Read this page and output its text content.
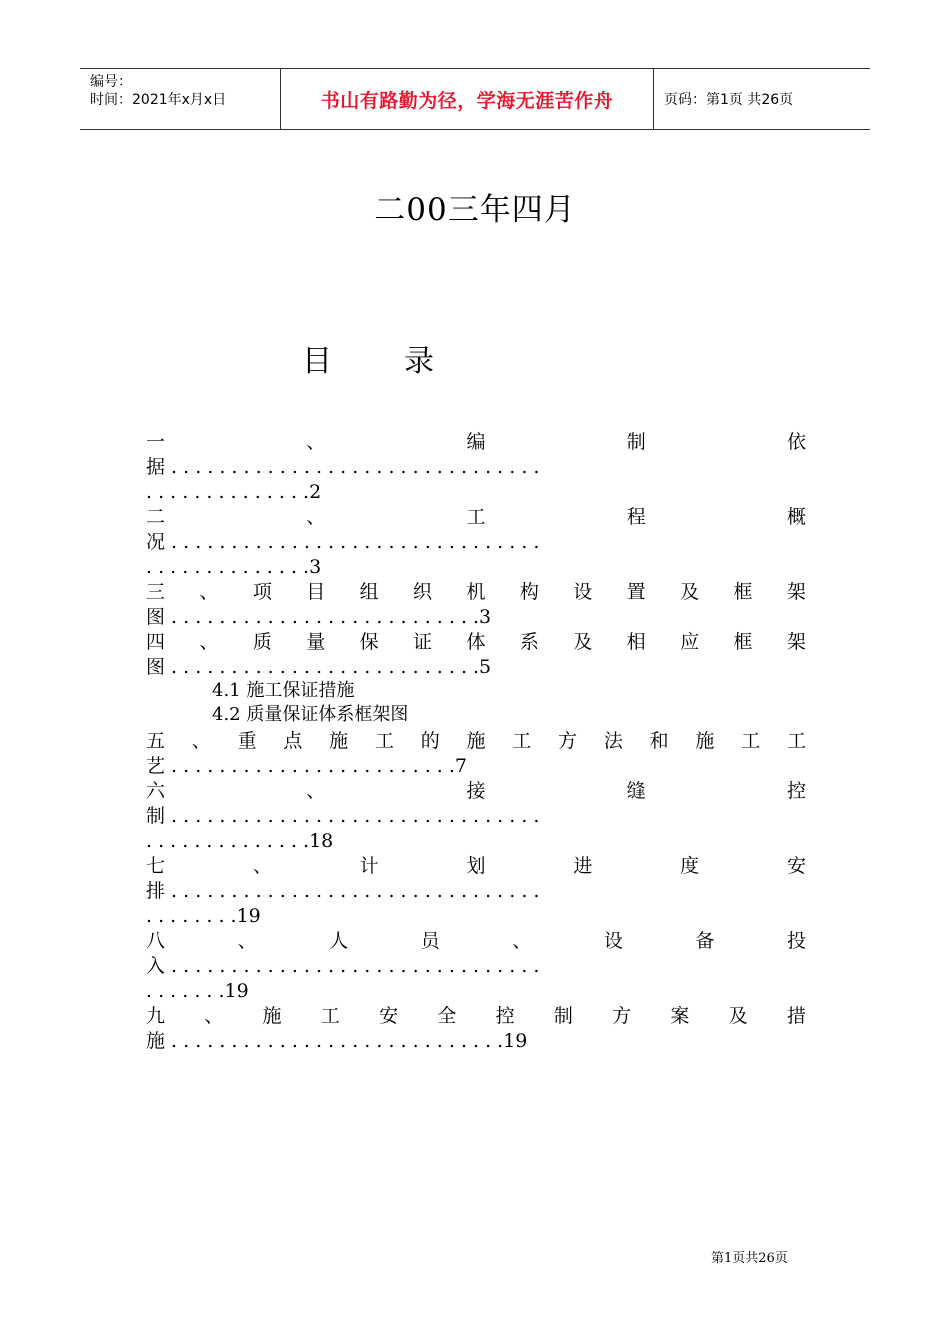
编号：
时间：2021年x月x日	书山有路勤为径，学海无涯苦作舟	页码：第1页 共26页
二00三年四月
目 录
一	、	编	制	依
据 . . . . . . . . . . . . . . . . . . . . . . . . . . . . . . .
. . . . . . . . . . . . . .2
二	、	工	程	概
况 . . . . . . . . . . . . . . . . . . . . . . . . . . . . . . .
. . . . . . . . . . . . . .3
三 、 项 目 组 织 机 构 设 置 及 框 架
图 . . . . . . . . . . . . . . . . . . . . . . . . . .3
四 、 质 量 保 证 体 系 及 相 应 框 架
图 . . . . . . . . . . . . . . . . . . . . . . . . . .5
4.1 施工保证措施
4.2 质量保证体系框架图
五 、 重 点 施 工 的 施 工 方 法 和 施 工 工
艺 . . . . . . . . . . . . . . . . . . . . . . . .7
六	、	接	缝	控
制 . . . . . . . . . . . . . . . . . . . . . . . . . . . . . . .
. . . . . . . . . . . . . .18
七	、	计	划	进	度	安
排 . . . . . . . . . . . . . . . . . . . . . . . . . . . . . . .
. . . . . . . .19
八	、	人	员	、	设	备	投
入 . . . . . . . . . . . . . . . . . . . . . . . . . . . . . . .
. . . . . . .19
九 、 施 工 安 全 控 制 方 案 及 措
施 . . . . . . . . . . . . . . . . . . . . . . . . . . . .19
第1页共26页
